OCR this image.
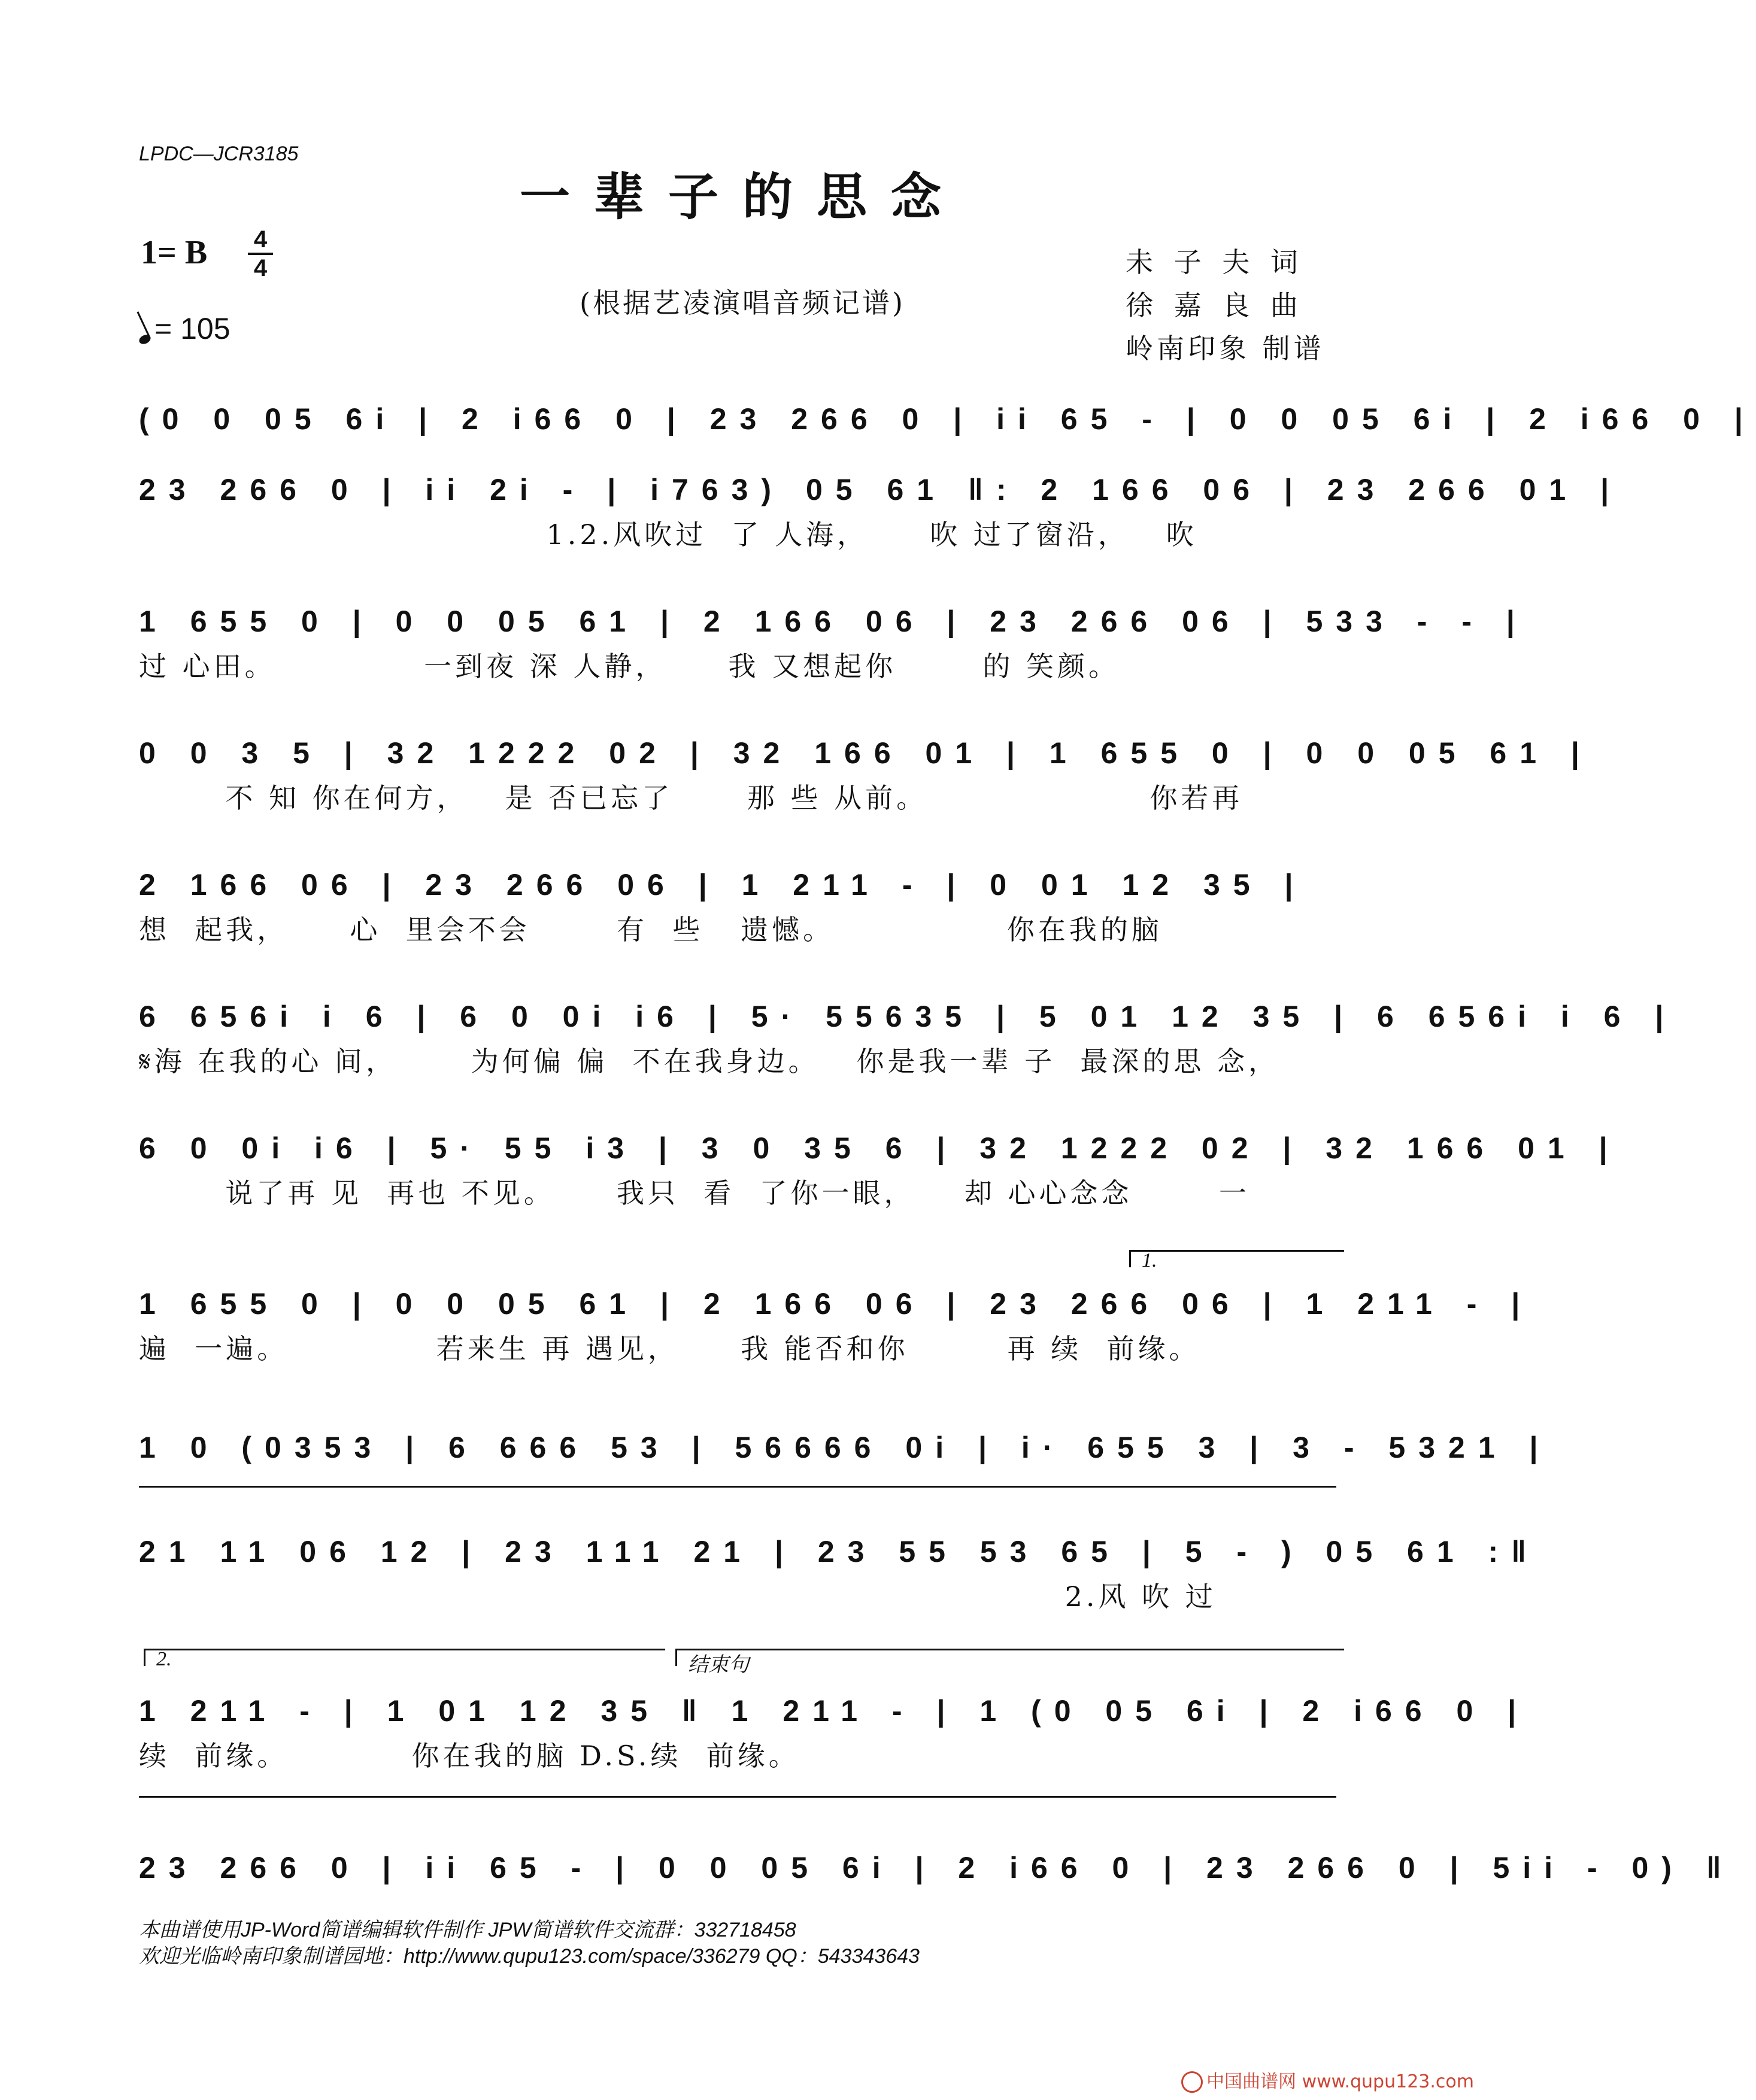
LPDC—JCR3185
一辈子的思念
1= B	4
4
(根据艺凌演唱音频记谱)
= 105
未 子 夫 词
徐 嘉 良 曲
岭南印象 制谱
(0 0 05 6i | 2 i66 0 | 23 266 0 | ii 65 - | 0 0 05 6i | 2 i66 0 |
23 266 0 | ii 2i - | i763) 05 61 ‖: 2 166 06 | 23 266 01 |
1.2.风吹过  了 人海，     吹 过了窗沿，   吹
1 655 0 | 0 0 05 61 | 2 166 06 | 23 266 06 | 533 - - |
过 心田。            一到夜 深 人静，     我 又想起你       的 笑颜。
0 0 3 5 | 32 1222 02 | 32 166 01 | 1 655 0 | 0 0 05 61 |
不 知 你在何方，   是 否已忘了      那 些 从前。                  你若再
2 166 06 | 23 266 06 | 1 211 - | 0 01 12 35 |
想  起我，     心  里会不会       有  些   遗憾。              你在我的脑
6 656i i 6 | 6 0 0i i6 | 5· 55635 | 5 01 12 35 | 6 656i i 6 |
𝄋海 在我的心 间，      为何偏 偏  不在我身边。   你是我一辈 子  最深的思 念，
6 0 0i i6 | 5· 55 i3 | 3 0 35 6 | 32 1222 02 | 32 166 01 |
说了再 见  再也 不见。     我只  看  了你一眼，    却 心心念念       一
1.
1 655 0 | 0 0 05 61 | 2 166 06 | 23 266 06 | 1 211 - |
遍  一遍。            若来生 再 遇见，     我 能否和你        再 续  前缘。
1 0 (0353 | 6 666 53 | 56666 0i | i· 655 3 | 3 - 5321 |
21 11 06 12 | 23 111 21 | 23 55 53 65 | 5 - ) 05 61 :‖
2.风 吹 过
2.	结束句
1 211 - | 1 01 12 35 ‖ 1 211 - | 1 (0 05 6i | 2 i66 0 |
续  前缘。          你在我的脑 D.S.续  前缘。
23 266 0 | ii 65 - | 0 0 05 6i | 2 i66 0 | 23 266 0 | 5ii - 0) ‖
本曲谱使用JP-Word简谱编辑软件制作 JPW简谱软件交流群：332718458
欢迎光临岭南印象制谱园地：http://www.qupu123.com/space/336279 QQ：543343643
中国曲谱网 www.qupu123.com
